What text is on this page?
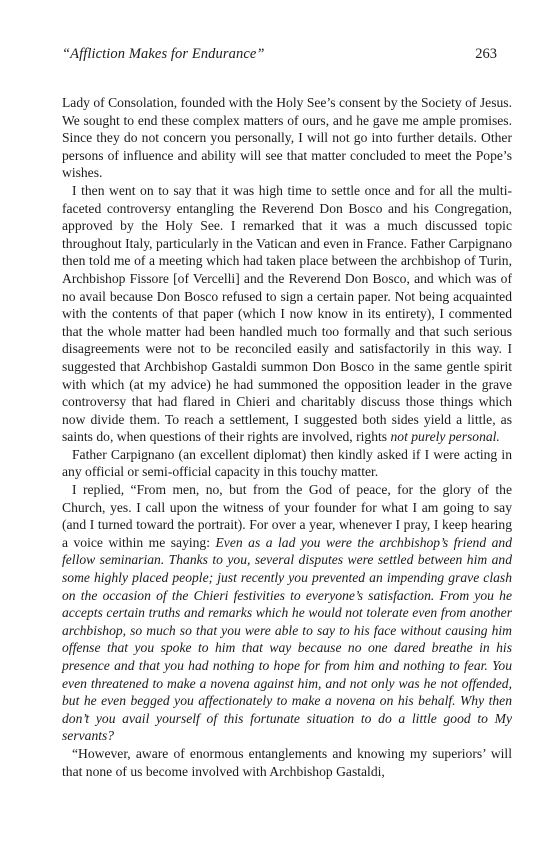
“Affliction Makes for Endurance”	263

Lady of Consolation, founded with the Holy See’s consent by the Society of Jesus. We sought to end these complex matters of ours, and he gave me ample promises. Since they do not concern you personally, I will not go into further details. Other persons of influence and ability will see that matter concluded to meet the Pope’s wishes.

I then went on to say that it was high time to settle once and for all the multi-faceted controversy entangling the Reverend Don Bosco and his Congregation, approved by the Holy See. I remarked that it was a much discussed topic throughout Italy, particularly in the Vatican and even in France. Father Carpignano then told me of a meeting which had taken place between the archbishop of Turin, Archbishop Fissore [of Vercelli] and the Reverend Don Bosco, and which was of no avail because Don Bosco refused to sign a certain paper. Not being acquainted with the contents of that paper (which I now know in its entirety), I commented that the whole matter had been handled much too formally and that such serious disagreements were not to be reconciled easily and satisfactorily in this way. I suggested that Archbishop Gastaldi summon Don Bosco in the same gentle spirit with which (at my advice) he had summoned the opposition leader in the grave controversy that had flared in Chieri and charitably discuss those things which now divide them. To reach a settlement, I suggested both sides yield a little, as saints do, when questions of their rights are involved, rights not purely personal.

Father Carpignano (an excellent diplomat) then kindly asked if I were acting in any official or semi-official capacity in this touchy matter.

I replied, “From men, no, but from the God of peace, for the glory of the Church, yes. I call upon the witness of your founder for what I am going to say (and I turned toward the portrait). For over a year, whenever I pray, I keep hearing a voice within me saying: Even as a lad you were the archbishop’s friend and fellow seminarian. Thanks to you, several disputes were settled between him and some highly placed people; just recently you prevented an impending grave clash on the occasion of the Chieri festivities to everyone’s satisfaction. From you he accepts certain truths and remarks which he would not tolerate even from another archbishop, so much so that you were able to say to his face without causing him offense that you spoke to him that way because no one dared breathe in his presence and that you had nothing to hope for from him and nothing to fear. You even threatened to make a novena against him, and not only was he not offended, but he even begged you affectionately to make a novena on his behalf. Why then don’t you avail yourself of this fortunate situation to do a little good to My servants?

“However, aware of enormous entanglements and knowing my superiors’ will that none of us become involved with Archbishop Gastaldi,
